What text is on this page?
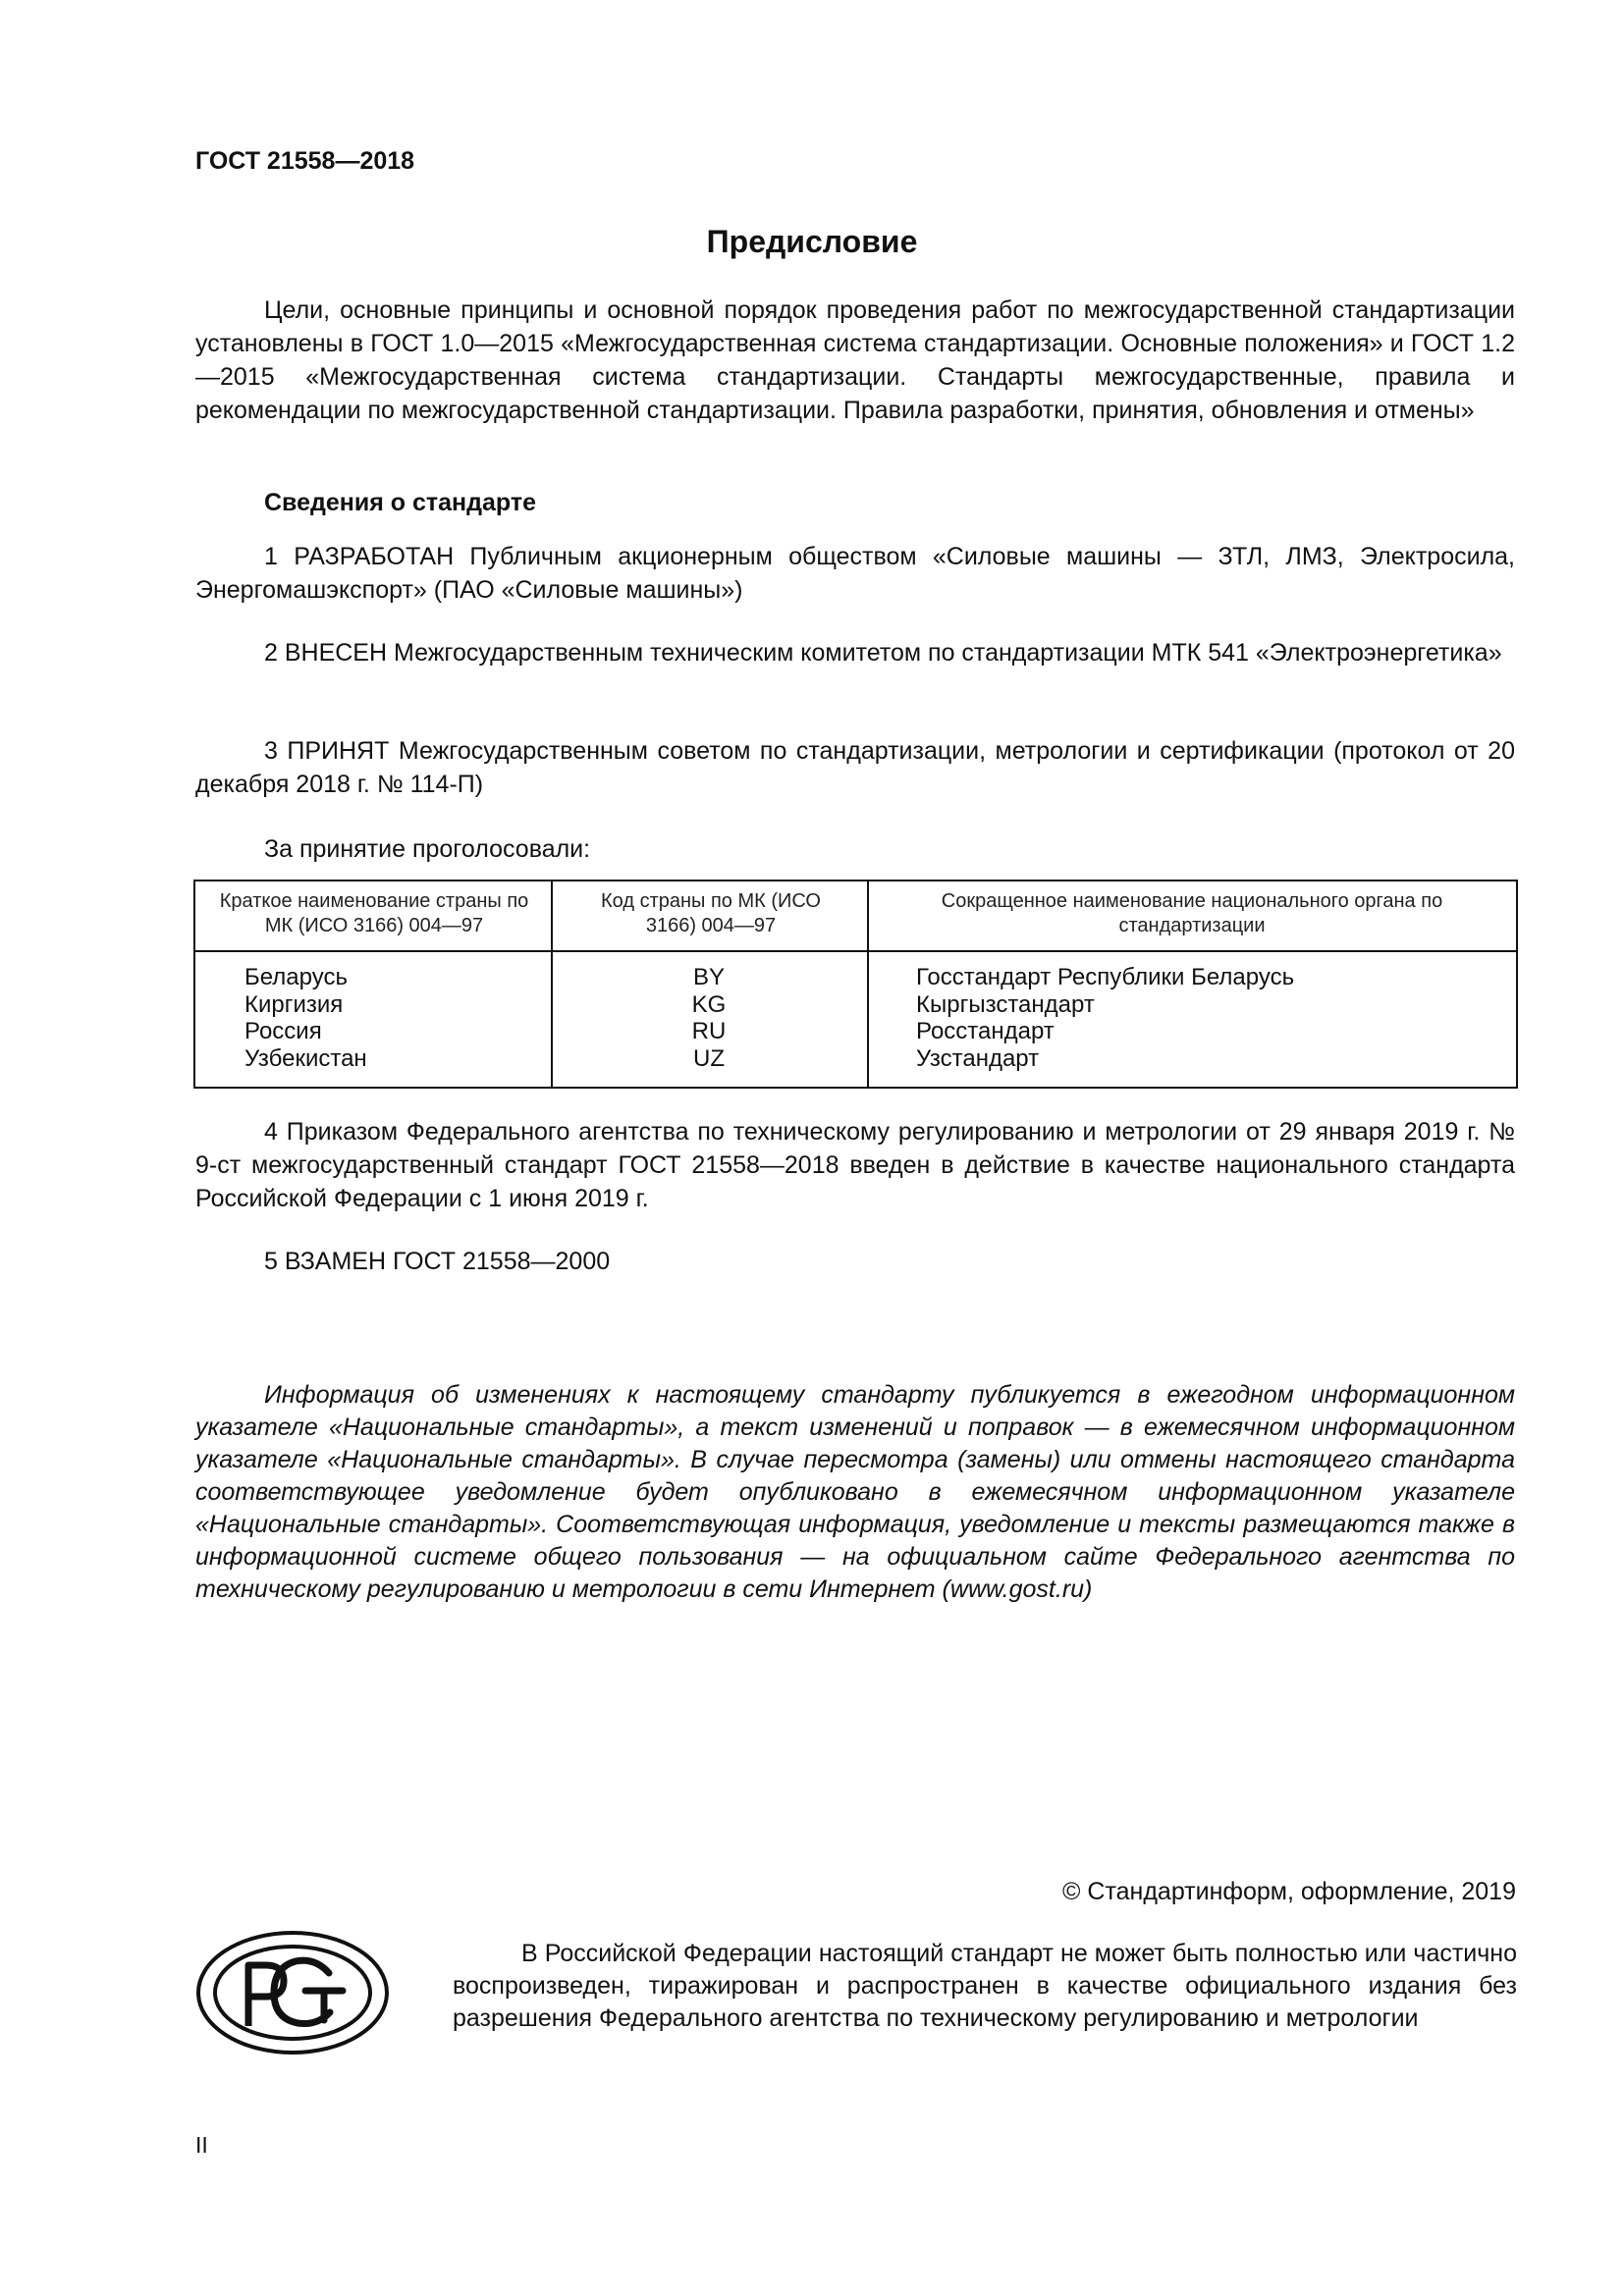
ГОСТ 21558—2018
Предисловие

Цели, основные принципы и основной порядок проведения работ по межгосударственной стандартизации установлены в ГОСТ 1.0—2015 «Межгосударственная система стандартизации. Основные положения» и ГОСТ 1.2—2015 «Межгосударственная система стандартизации. Стандарты межгосударственные, правила и рекомендации по межгосударственной стандартизации. Правила разработки, принятия, обновления и отмены»

Сведения о стандарте

1 РАЗРАБОТАН Публичным акционерным обществом «Силовые машины — ЗТЛ, ЛМЗ, Электросила, Энергомашэкспорт» (ПАО «Силовые машины»)

2 ВНЕСЕН Межгосударственным техническим комитетом по стандартизации МТК 541 «Электроэнергетика»

3 ПРИНЯТ Межгосударственным советом по стандартизации, метрологии и сертификации (протокол от 20 декабря 2018 г. № 114-П)

За принятие проголосовали:

Краткое наименование страны по МК (ИСО 3166) 004—97
Код страны по МК (ИСО 3166) 004—97
Сокращенное наименование национального органа по стандартизации
Беларусь
Киргизия
Россия
Узбекистан
BY
KG
RU
UZ
Госстандарт Республики Беларусь
Кыргызстандарт
Росстандарт
Узстандарт

4 Приказом Федерального агентства по техническому регулированию и метрологии от 29 января 2019 г. № 9-ст межгосударственный стандарт ГОСТ 21558—2018 введен в действие в качестве национального стандарта Российской Федерации с 1 июня 2019 г.

5 ВЗАМЕН ГОСТ 21558—2000

Информация об изменениях к настоящему стандарту публикуется в ежегодном информационном указателе «Национальные стандарты», а текст изменений и поправок — в ежемесячном информационном указателе «Национальные стандарты». В случае пересмотра (замены) или отмены настоящего стандарта соответствующее уведомление будет опубликовано в ежемесячном информационном указателе «Национальные стандарты». Соответствующая информация, уведомление и тексты размещаются также в информационной системе общего пользования — на официальном сайте Федерального агентства по техническому регулированию и метрологии в сети Интернет (www.gost.ru)

© Стандартинформ, оформление, 2019

В Российской Федерации настоящий стандарт не может быть полностью или частично воспроизведен, тиражирован и распространен в качестве официального издания без разрешения Федерального агентства по техническому регулированию и метрологии

II
